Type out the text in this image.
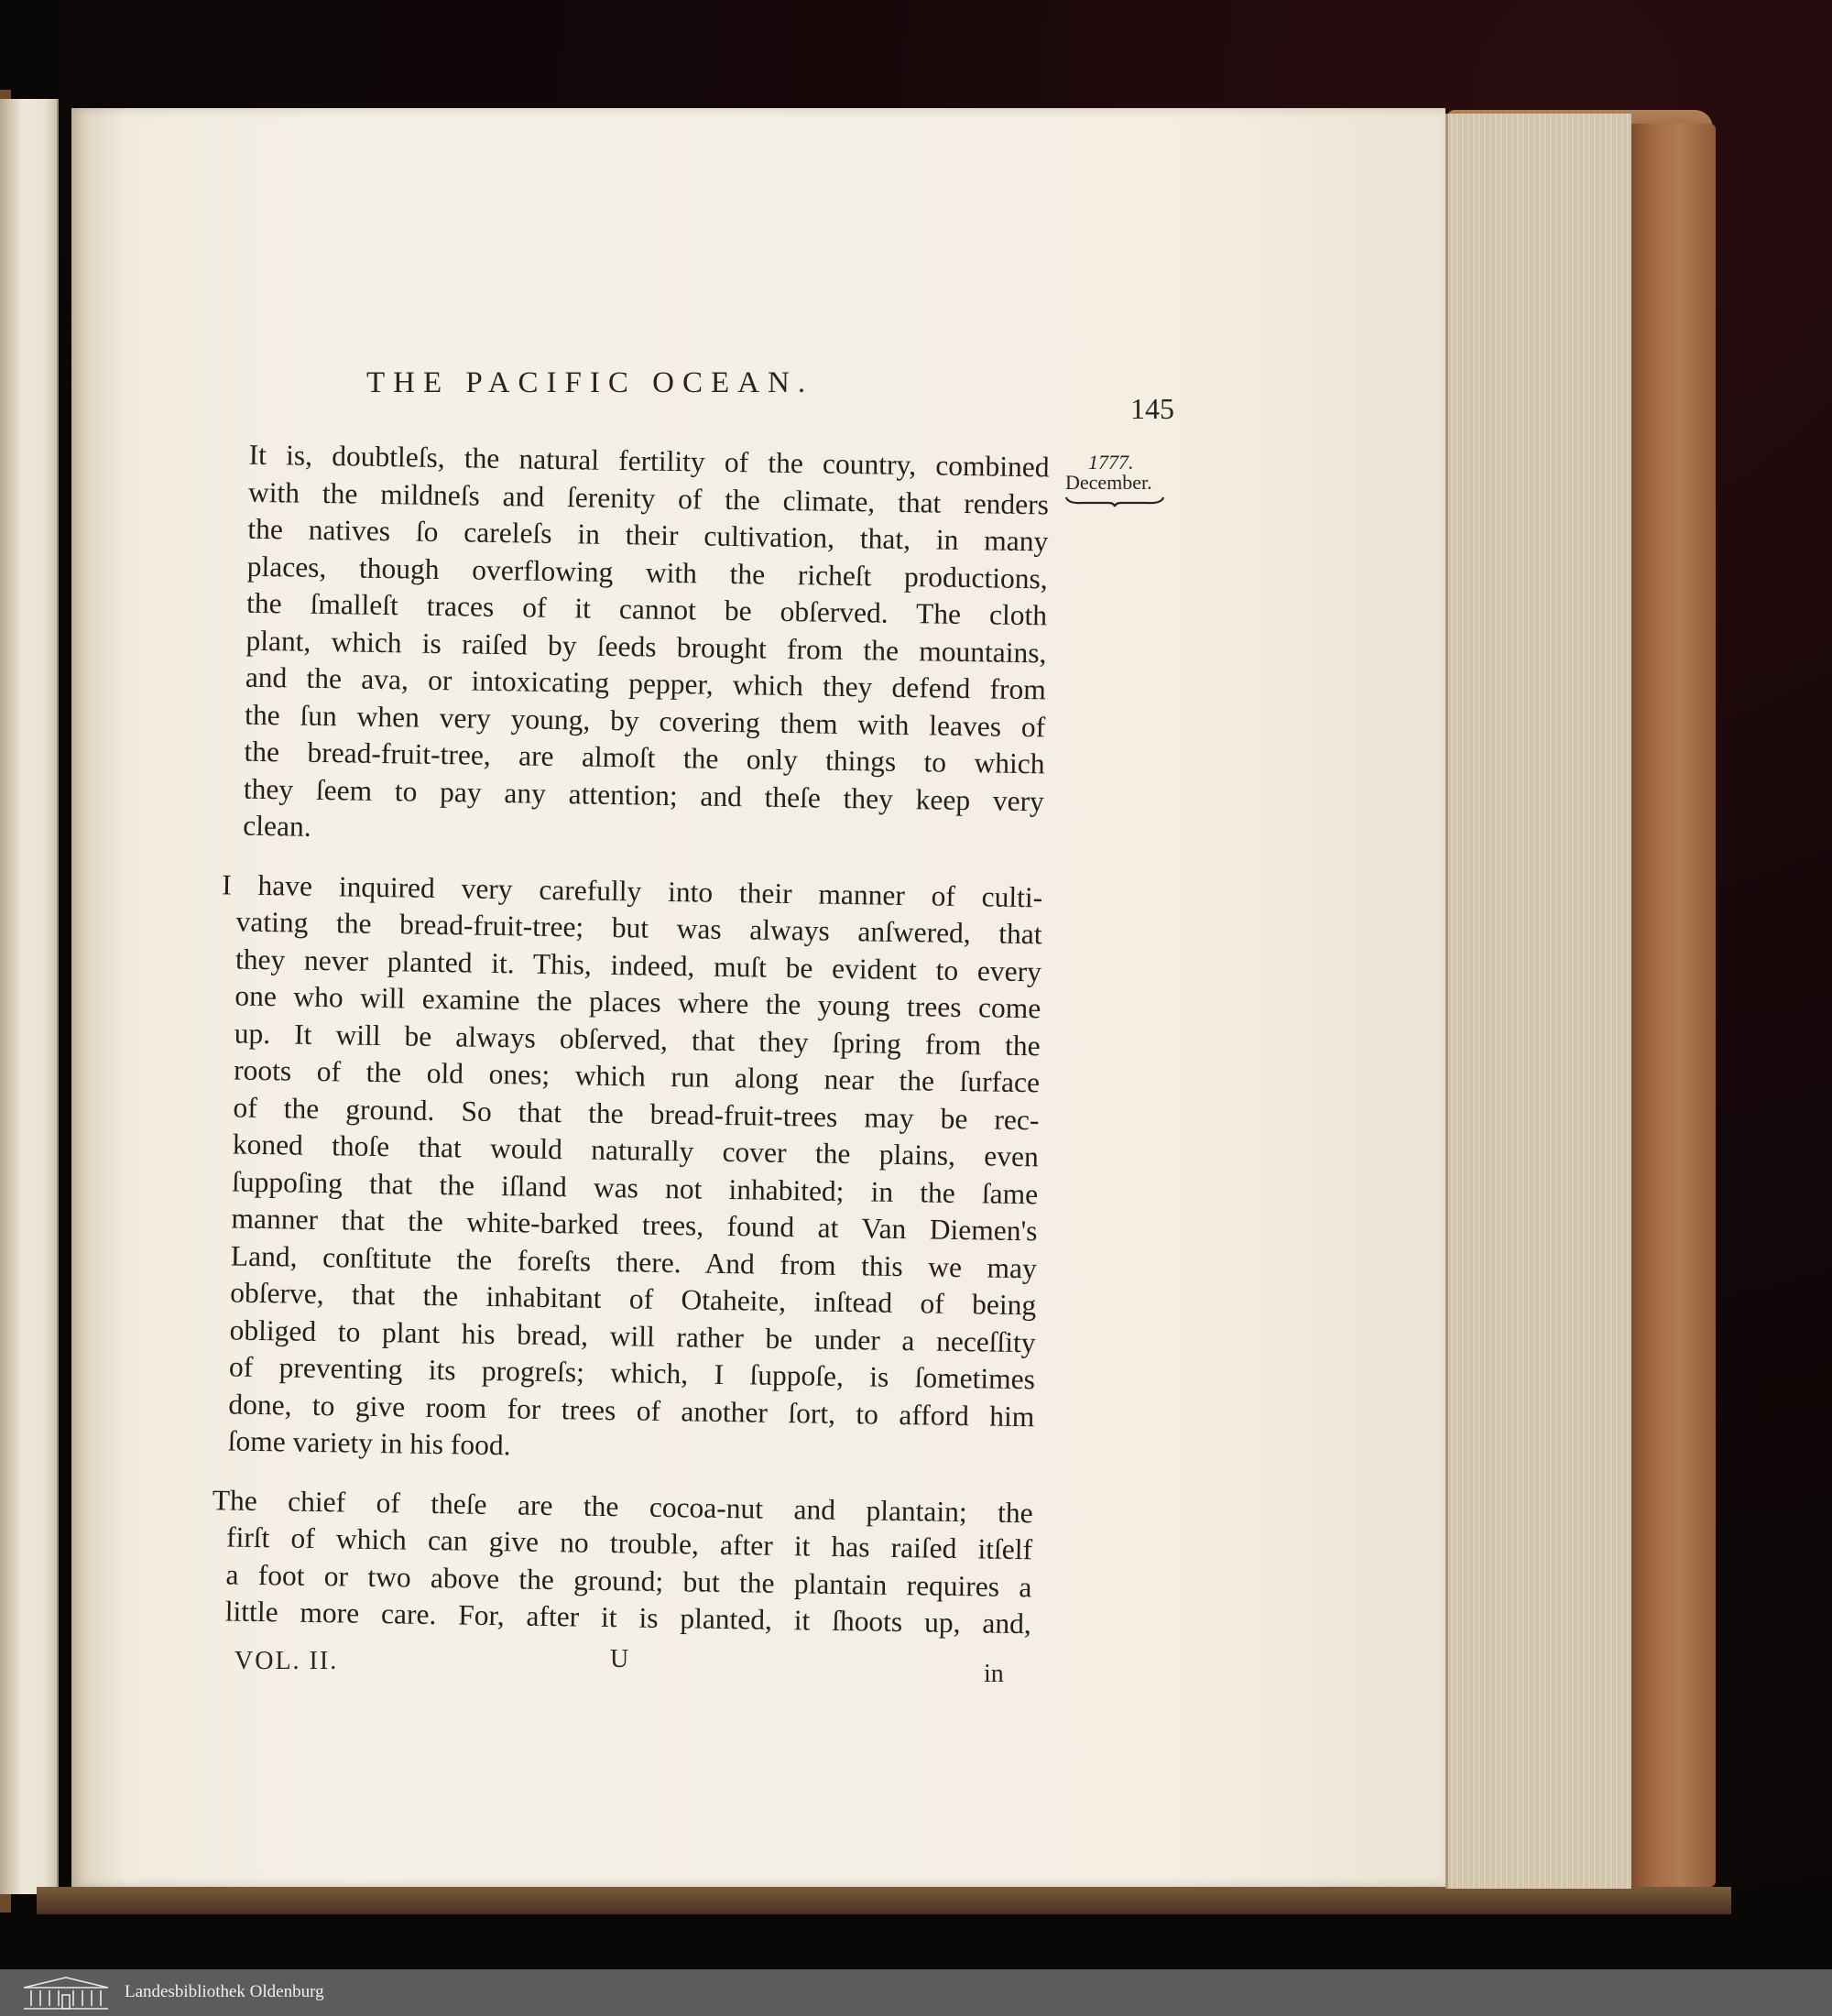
THE PACIFIC OCEAN.
145
1777.
December.
It is, doubtleſs, the natural fertility of the country, combined
with the mildneſs and ſerenity of the climate, that renders
the natives ſo careleſs in their cultivation, that, in many
places, though overflowing with the richeſt productions,
the ſmalleſt traces of it cannot be obſerved. The cloth
plant, which is raiſed by ſeeds brought from the mountains,
and the ava, or intoxicating pepper, which they defend from
the ſun when very young, by covering them with leaves of
the bread-fruit-tree, are almoſt the only things to which
they ſeem to pay any attention; and theſe they keep very
clean.
I have inquired very carefully into their manner of culti-
vating the bread-fruit-tree; but was always anſwered, that
they never planted it. This, indeed, muſt be evident to every
one who will examine the places where the young trees come
up. It will be always obſerved, that they ſpring from the
roots of the old ones; which run along near the ſurface
of the ground. So that the bread-fruit-trees may be rec-
koned thoſe that would naturally cover the plains, even
ſuppoſing that the iſland was not inhabited; in the ſame
manner that the white-barked trees, found at Van Diemen's
Land, conſtitute the foreſts there. And from this we may
obſerve, that the inhabitant of Otaheite, inſtead of being
obliged to plant his bread, will rather be under a neceſſity
of preventing its progreſs; which, I ſuppoſe, is ſometimes
done, to give room for trees of another ſort, to afford him
ſome variety in his food.
The chief of theſe are the cocoa-nut and plantain; the
firſt of which can give no trouble, after it has raiſed itſelf
a foot or two above the ground; but the plantain requires a
little more care. For, after it is planted, it ſhoots up, and,
VOL. II.	U
in
Landesbibliothek Oldenburg
